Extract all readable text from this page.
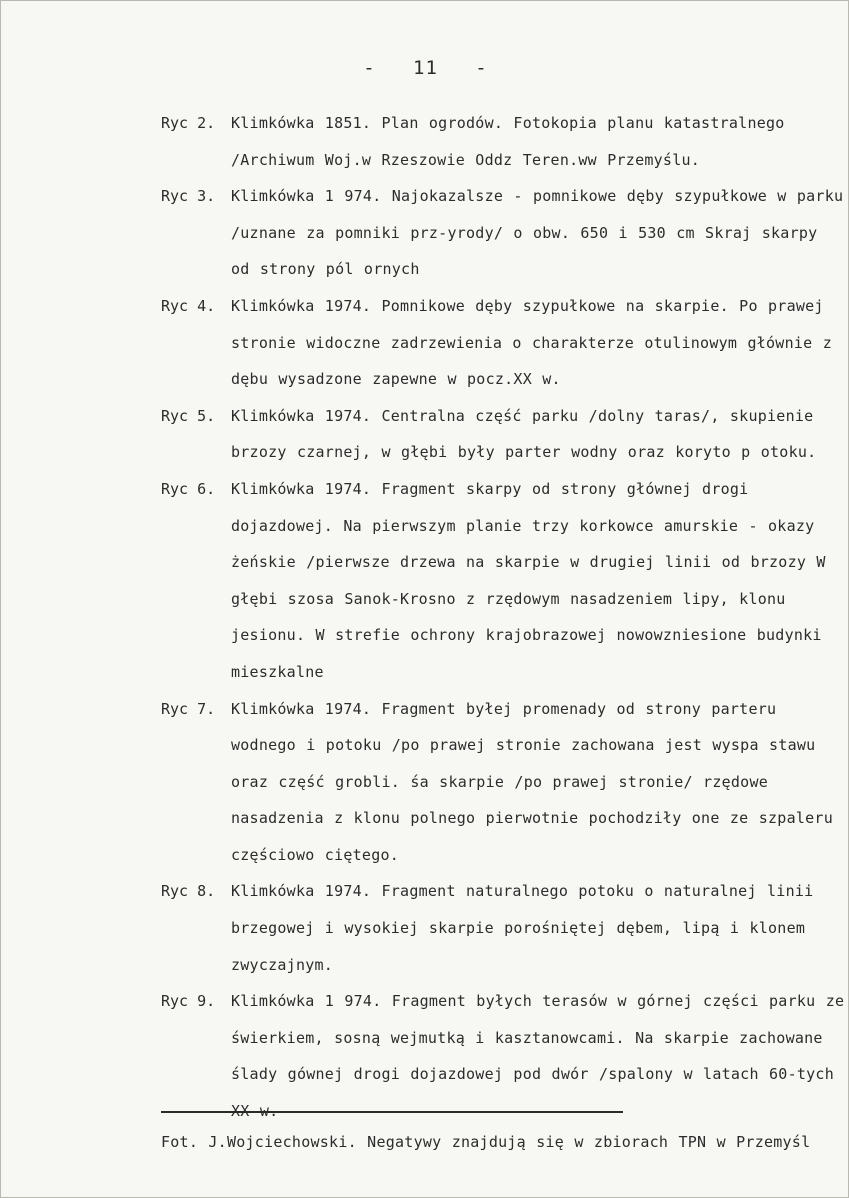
-   11   -
Ryc 2. Klimkówka 1851. Plan ogrodów. Fotokopia planu katastralnego /Archiwum Woj.w Rzeszowie Oddz Teren.ww Przemyślu.
Ryc 3. Klimkówka 1 974. Najokazalsze - pomnikowe dęby szypułkowe w parku /uznane za pomniki prz-yrody/ o obw. 650 i 530 cm Skraj skarpy od strony pól ornych
Ryc 4. Klimkówka 1974. Pomnikowe dęby szypułkowe na skarpie. Po prawej stronie widoczne zadrzewienia o charakterze otulinowym głównie z dębu wysadzone zapewne w pocz.XX w.
Ryc 5. Klimkówka 1974. Centralna część parku /dolny taras/, skupienie brzozy czarnej, w głębi były parter wodny oraz koryto p otoku.
Ryc 6. Klimkówka 1974. Fragment skarpy od strony głównej drogi dojazdowej. Na pierwszym planie trzy korkowce amurskie - okazy żeńskie /pierwsze drzewa na skarpie w drugiej linii od brzozy W głębi szosa Sanok-Krosno z rzędowym nasadzeniem lipy, klonu jesionu. W strefie ochrony krajobrazowej nowowzniesione budynki mieszkalne
Ryc 7. Klimkówka 1974. Fragment byłej promenady od strony parteru wodnego i potoku /po prawej stronie zachowana jest wyspa stawu oraz część grobli. śa skarpie /po prawej stronie/ rzędowe nasadzenia z klonu polnego pierwotnie pochodziły one ze szpaleru częściowo ciętego.
Ryc 8. Klimkówka 1974. Fragment naturalnego potoku o naturalnej linii brzegowej i wysokiej skarpie porośniętej dębem, lipą i klonem zwyczajnym.
Ryc 9. Klimkówka 1 974. Fragment byłych terasów w górnej części parku ze świerkiem, sosną wejmutką i kasztanowcami. Na skarpie zachowane ślady gównej drogi dojazdowej pod dwór /spalony w latach 60-tych XX w.
Fot. J.Wojciechowski. Negatywy znajdują się w zbiorach TPN w Przemyśl
